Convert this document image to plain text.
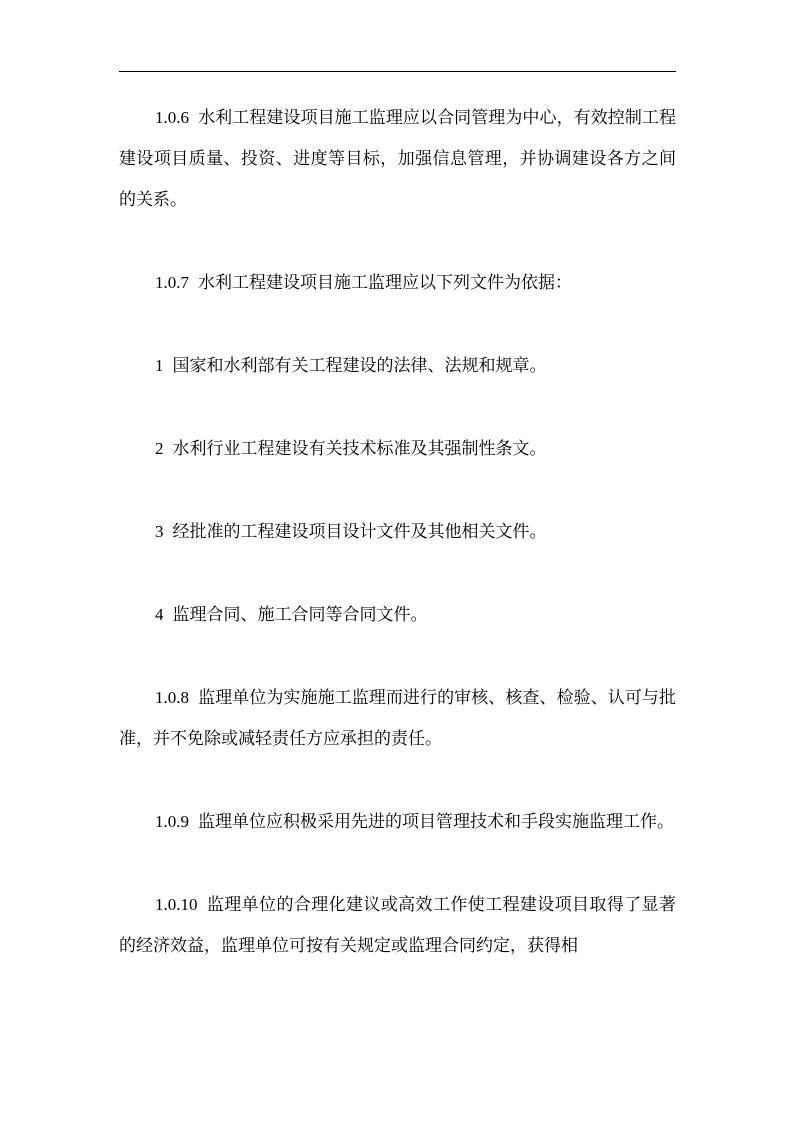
1.0.6 水利工程建设项目施工监理应以合同管理为中心，有效控制工程建设项目质量、投资、进度等目标，加强信息管理，并协调建设各方之间的关系。

1.0.7 水利工程建设项目施工监理应以下列文件为依据：

1 国家和水利部有关工程建设的法律、法规和规章。

2 水利行业工程建设有关技术标准及其强制性条文。

3 经批准的工程建设项目设计文件及其他相关文件。

4 监理合同、施工合同等合同文件。

1.0.8 监理单位为实施施工监理而进行的审核、核查、检验、认可与批准，并不免除或减轻责任方应承担的责任。

1.0.9 监理单位应积极采用先进的项目管理技术和手段实施监理工作。

1.0.10 监理单位的合理化建议或高效工作使工程建设项目取得了显著的经济效益，监理单位可按有关规定或监理合同约定，获得相
